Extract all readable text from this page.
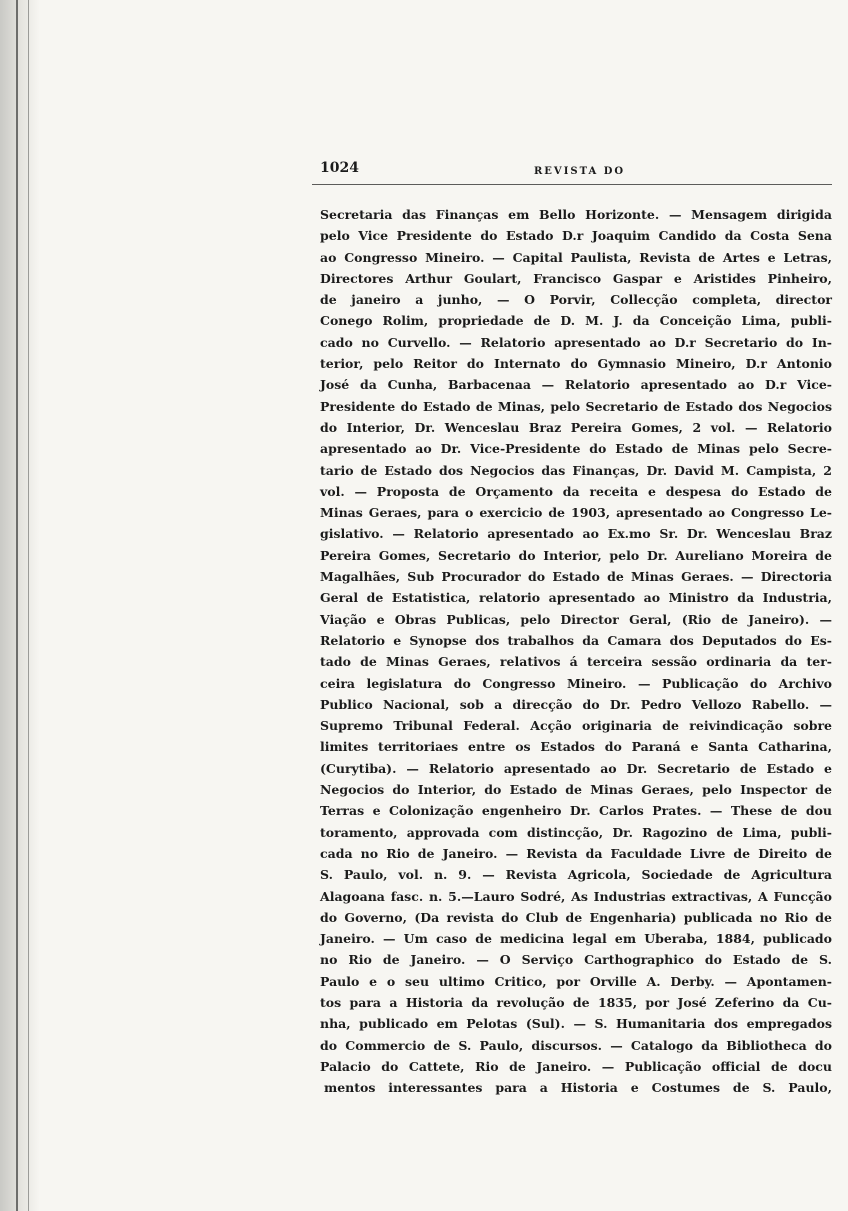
1024	REVISTA DO
Secretaria das Finanças em Bello Horizonte. — Mensagem dirigida
pelo Vice Presidente do Estado D.r Joaquim Candido da Costa Sena
ao Congresso Mineiro. — Capital Paulista, Revista de Artes e Letras,
Directores Arthur Goulart, Francisco Gaspar e Aristides Pinheiro,
de janeiro a junho, — O Porvir, Collecção completa, director
Conego Rolim, propriedade de D. M. J. da Conceição Lima, publi-
cado no Curvello. — Relatorio apresentado ao D.r Secretario do In-
terior, pelo Reitor do Internato do Gymnasio Mineiro, D.r Antonio
José da Cunha, Barbacenaa — Relatorio apresentado ao D.r Vice-
Presidente do Estado de Minas, pelo Secretario de Estado dos Negocios
do Interior, Dr. Wenceslau Braz Pereira Gomes, 2 vol. — Relatorio
apresentado ao Dr. Vice-Presidente do Estado de Minas pelo Secre-
tario de Estado dos Negocios das Finanças, Dr. David M. Campista, 2
vol. — Proposta de Orçamento da receita e despesa do Estado de
Minas Geraes, para o exercicio de 1903, apresentado ao Congresso Le-
gislativo. — Relatorio apresentado ao Ex.mo Sr. Dr. Wenceslau Braz
Pereira Gomes, Secretario do Interior, pelo Dr. Aureliano Moreira de
Magalhães, Sub Procurador do Estado de Minas Geraes. — Directoria
Geral de Estatistica, relatorio apresentado ao Ministro da Industria,
Viação e Obras Publicas, pelo Director Geral, (Rio de Janeiro). —
Relatorio e Synopse dos trabalhos da Camara dos Deputados do Es-
tado de Minas Geraes, relativos á terceira sessão ordinaria da ter-
ceira legislatura do Congresso Mineiro. — Publicação do Archivo
Publico Nacional, sob a direcção do Dr. Pedro Vellozo Rabello. —
Supremo Tribunal Federal. Acção originaria de reivindicação sobre
limites territoriaes entre os Estados do Paraná e Santa Catharina,
(Curytiba). — Relatorio apresentado ao Dr. Secretario de Estado e
Negocios do Interior, do Estado de Minas Geraes, pelo Inspector de
Terras e Colonização engenheiro Dr. Carlos Prates. — These de dou
toramento, approvada com distincção, Dr. Ragozino de Lima, publi-
cada no Rio de Janeiro. — Revista da Faculdade Livre de Direito de
S. Paulo, vol. n. 9. — Revista Agricola, Sociedade de Agricultura
Alagoana fasc. n. 5.—Lauro Sodré, As Industrias extractivas, A Funcção
do Governo, (Da revista do Club de Engenharia) publicada no Rio de
Janeiro. — Um caso de medicina legal em Uberaba, 1884, publicado
no Rio de Janeiro. — O Serviço Carthographico do Estado de S.
Paulo e o seu ultimo Critico, por Orville A. Derby. — Apontamen-
tos para a Historia da revolução de 1835, por José Zeferino da Cu-
nha, publicado em Pelotas (Sul). — S. Humanitaria dos empregados
do Commercio de S. Paulo, discursos. — Catalogo da Bibliotheca do
Palacio do Cattete, Rio de Janeiro. — Publicação official de docu
mentos interessantes para a Historia e Costumes de S. Paulo,
